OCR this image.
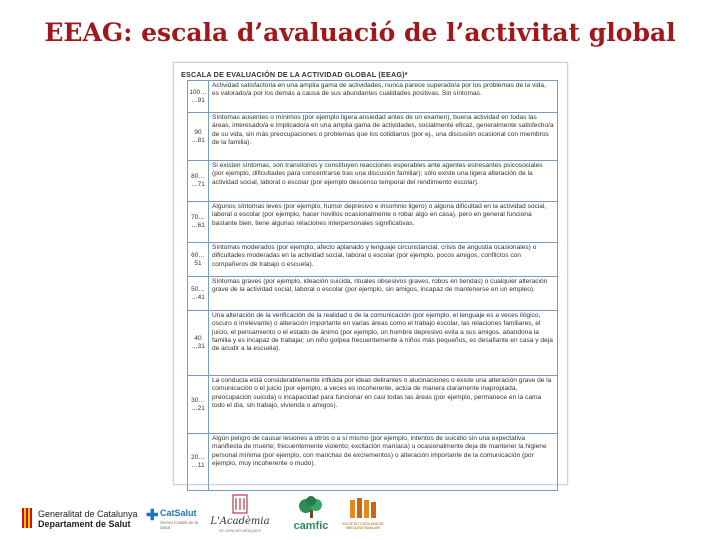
EEAG: escala d’avaluació de l’activitat global
ESCALA DE EVALUACIÓN DE LA ACTIVIDAD GLOBAL (EEAG)*
100…
…91
Actividad satisfactoria en una amplia gama de actividades, nunca parece superado/a por los problemas de la vida, es valorado/a por los demás a causa de sus abundantes cualidades positivas. Sin síntomas.
90
…81
Síntomas ausentes o mínimos (por ejemplo ligera ansiedad antes de un examen), buena actividad en todas las áreas, interesado/a e implicado/a en una amplia gama de actividades, socialmente eficaz, generalmente satisfecho/a de su vida, sin más preocupaciones o problemas que los cotidianos (por ej., una discusión ocasional con miembros de la familia).
80…
…71
Si existen síntomas, son transitorios y constituyen reacciones esperables ante agentes estresantes psicosociales (por ejemplo, dificultades para concentrarse tras una discusión familiar); sólo existe una ligera alteración de la actividad social, laboral o escolar (por ejemplo descenso temporal del rendimiento escolar).
70…
…61
Algunos síntomas leves (por ejemplo, humor depresivo e insomnio ligero) o alguna dificultad en la actividad social, laboral o escolar (por ejemplo, hacer novillos ocasionalmente o robar algo en casa), pero en general funciona bastante bien, tiene algunas relaciones interpersonales significativas.
60…
51
Síntomas moderados (por ejemplo, afecto aplanado y lenguaje circunstancial, crisis de angustia ocasionales) o dificultades moderadas en la actividad social, laboral o escolar (por ejemplo, pocos amigos, conflictos con compañeros de trabajo o escuela).
50…
…41
Síntomas graves (por ejemplo, ideación suicida, rituales obsesivos graves, robos en tiendas) o cualquier alteración grave de la actividad social, laboral o escolar (por ejemplo, sin amigos, incapaz de mantenerse en un empleo).
40
…31
Una alteración de la verificación de la realidad o de la comunicación (por ejemplo, el lenguaje es a veces ilógico, oscuro o irrelevante) o alteración importante en varias áreas como el trabajo escolar, las relaciones familiares, el juicio, el pensamiento o el estado de ánimo (por ejemplo, un hombre depresivo evita a sus amigos, abandona la familia y es incapaz de trabajar; un niño golpea frecuentemente a niños más pequeños, es desafiante en casa y deja de acudir a la escuela).
30…
…21
La conducta está considerablemente influida por ideas delirantes o alucinaciones o existe una alteración grave de la comunicación o el juicio (por ejemplo, a veces es incoherente, actúa de manera claramente inapropiada, preocupación suicida) o incapacidad para funcionar en casi todas las áreas (por ejemplo, permanece en la cama todo el día, sin trabajo, vivienda o amigos).
20…
…11
Algún peligro de causar lesiones a otros o a sí mismo (por ejemplo, intentos de suicidio sin una expectativa manifiesta de muerte; frecuentemente violento; excitación maníaca) u ocasionalmente deja de mantener la higiene personal mínima (por ejemplo, con manchas de excrementos) o alteración importante de la comunicación (por ejemplo, muy incoherente o mudo).
Generalitat de Catalunya
Departament de Salut ✚ CatSalut
Servei Català de la Salut
L'Acadèmia
DE CIÈNCIES MÈDIQUES	camfic	SOCIETAT CATALANA DE MEDICINA FAMILIAR
